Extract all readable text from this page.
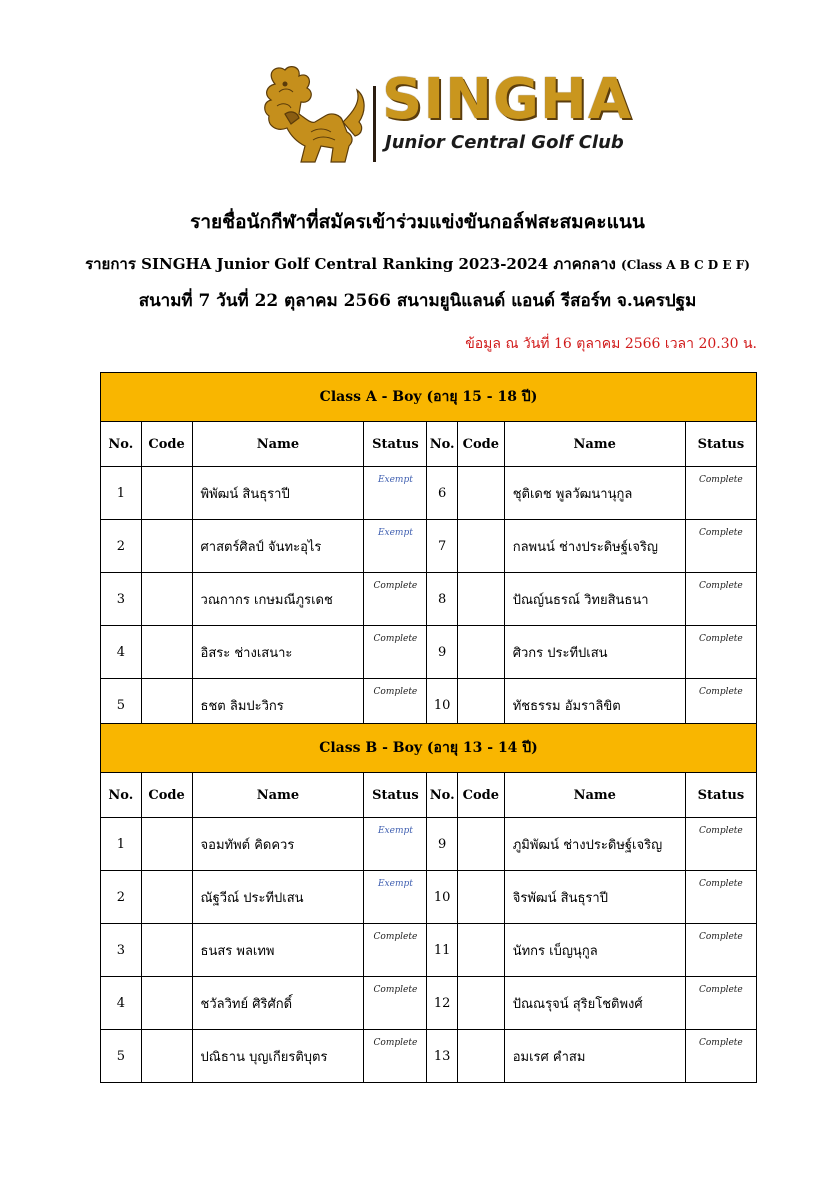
SINGHA
Junior Central Golf Club
รายชื่อนักกีฬาที่สมัครเข้าร่วมแข่งขันกอล์ฟสะสมคะแนน
รายการ SINGHA Junior Golf Central Ranking 2023-2024 ภาคกลาง (Class A B C D E F)
สนามที่ 7 วันที่ 22 ตุลาคม 2566 สนามยูนิแลนด์ แอนด์ รีสอร์ท จ.นครปฐม
ข้อมูล ณ วันที่ 16 ตุลาคม 2566 เวลา 20.30 น.
Class A - Boy (อายุ 15 - 18 ปี)							
No.	Code	Name	Status	No.	Code	Name	Status
1		พิพัฒน์ สินธุราปี	Exempt	6		ชุติเดช พูลวัฒนานุกูล	Complete
2		ศาสตร์ศิลป์ จันทะอุไร	Exempt	7		กลพนน์ ช่างประดิษฐ์เจริญ	Complete
3		วณกากร เกษมณีภูรเดช	Complete	8		ปัณญ์นธรณ์ วิทยสินธนา	Complete
4		อิสระ ช่างเสนาะ	Complete	9		ศิวกร ประทีปเสน	Complete
5		ธชต ลิมปะวิกร	Complete	10		ทัชธรรม อัมราลิขิต	Complete
Class B - Boy (อายุ 13 - 14 ปี)							
No.	Code	Name	Status	No.	Code	Name	Status
1		จอมทัพต์ คิดควร	Exempt	9		ภูมิพัฒน์ ช่างประดิษฐ์เจริญ	Complete
2		ณัฐวีณ์ ประทีปเสน	Exempt	10		จิรพัฒน์ สินธุราปี	Complete
3		ธนสร พลเทพ	Complete	11		นัทกร เบ็ญนุกูล	Complete
4		ชวัลวิทย์ ศิริศักดิ์	Complete	12		ปัณณรุจน์ สุริยโชติพงศ์	Complete
5		ปณิธาน บุญเกียรติบุตร	Complete	13		อมเรศ คำสม	Complete
